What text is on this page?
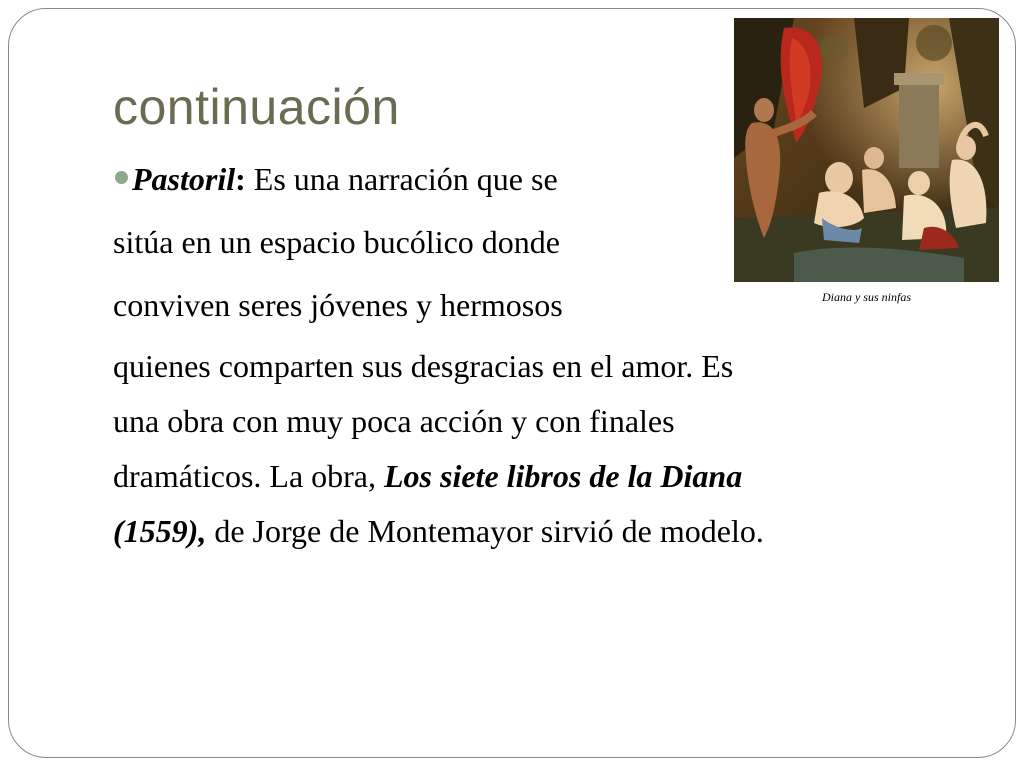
continuación
Diana y sus ninfas
Pastoril: Es una narración que se
sitúa en un espacio bucólico donde
conviven seres jóvenes y hermosos
quienes comparten sus desgracias en el amor. Es
una obra con muy poca acción y con finales
dramáticos. La obra, Los siete libros de la Diana
(1559), de Jorge de Montemayor sirvió de modelo.
